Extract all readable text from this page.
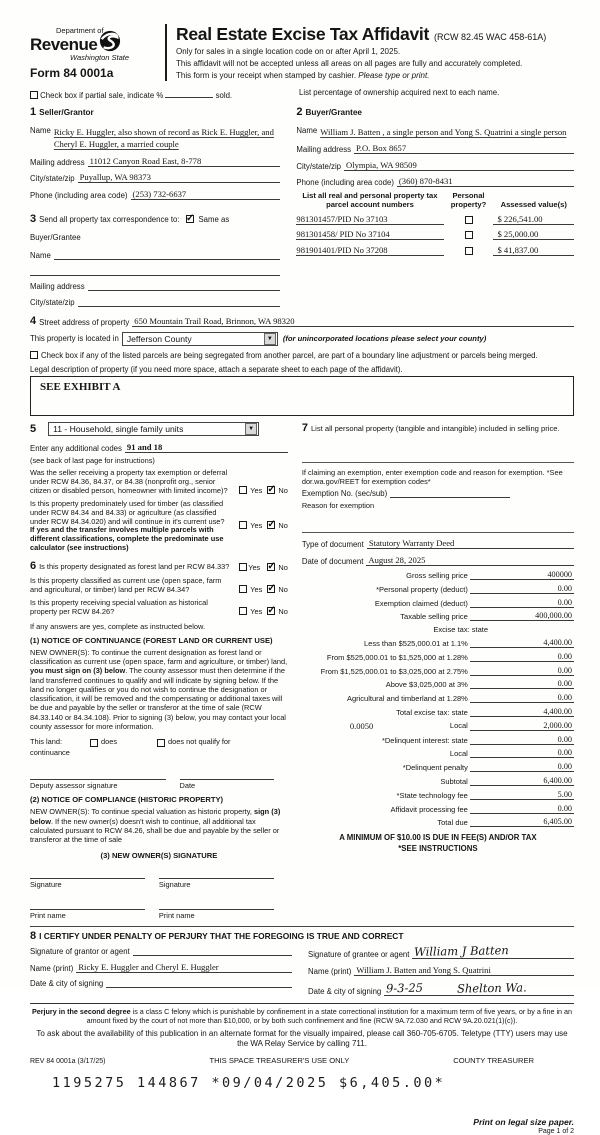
Department of
Revenue
Washington State
Form 84 0001a
Real Estate Excise Tax Affidavit (RCW 82.45 WAC 458-61A)
Only for sales in a single location code on or after April 1, 2025.
This affidavit will not be accepted unless all areas on all pages are fully and accurately completed.
This form is your receipt when stamped by cashier. Please type or print.
Check box if partial sale, indicate %	sold.	List percentage of ownership acquired next to each name.
1 Seller/Grantor
Name Ricky E. Huggler, also shown of record as Rick E. Huggler, and Cheryl E. Huggler, a married couple
Mailing address 11012 Canyon Road East, 8-778
City/state/zip Puyallup, WA 98373
Phone (including area code) (253) 732-6637
3 Send all property tax correspondence to: ✓ Same as Buyer/Grantee
Name
Mailing address
City/state/zip
2 Buyer/Grantee
Name William J. Batten , a single person and Yong S. Quatrini a single person
Mailing address P.O. Box 8657
City/state/zip Olympia, WA 98509
Phone (including area code) (360) 870-8431
List all real and personal property tax parcel account numbers
Personal property?	Assessed value(s)
981301457/PID No 37103	$ 226,541.00
981301458/ PID No 37104	$ 25,000.00
981901401/PID No 37208	$ 41,837.00
4 Street address of property 650 Mountain Trail Road, Brinnon, WA 98320
This property is located in Jefferson County	▼	(for unincorporated locations please select your county)
Check box if any of the listed parcels are being segregated from another parcel, are part of a boundary line adjustment or parcels being merged.
Legal description of property (if you need more space, attach a separate sheet to each page of the affidavit).
SEE EXHIBIT A
5	11 - Household, single family units	▼
Enter any additional codes 91 and 18
(see back of last page for instructions)
Was the seller receiving a property tax exemption or deferral under RCW 84.36, 84.37, or 84.38 (nonprofit org., senior citizen or disabled person, homeowner with limited income)?	Yes ✓ No
Is this property predominately used for timber (as classified under RCW 84.34 and 84.33) or agriculture (as classified under RCW 84.34.020) and will continue in it's current use? If yes and the transfer involves multiple parcels with different classifications, complete the predominate use calculator (see instructions)
Yes ✓ No
6 Is this property designated as forest land per RCW 84.33?	Yes ✓ No
Is this property classified as current use (open space, farm and agricultural, or timber) land per RCW 84.34?	Yes ✓ No
Is this property receiving special valuation as historical property per RCW 84.26?	Yes ✓ No
If any answers are yes, complete as instructed below.
(1) NOTICE OF CONTINUANCE (FOREST LAND OR CURRENT USE)
NEW OWNER(S): To continue the current designation as forest land or classification as current use (open space, farm and agriculture, or timber) land, you must sign on (3) below. The county assessor must then determine if the land transferred continues to qualify and will indicate by signing below. If the land no longer qualifies or you do not wish to continue the designation or classification, it will be removed and the compensating or additional taxes will be due and payable by the seller or transferor at the time of sale (RCW 84.33.140 or 84.34.108). Prior to signing (3) below, you may contact your local county assessor for more information.
This land:	does	does not qualify for
continuance
Deputy assessor signature	Date
(2) NOTICE OF COMPLIANCE (HISTORIC PROPERTY)
NEW OWNER(S): To continue special valuation as historic property, sign (3) below. If the new owner(s) doesn't wish to continue, all additional tax calculated pursuant to RCW 84.26, shall be due and payable by the seller or transferor at the time of sale
(3) NEW OWNER(S) SIGNATURE
Signature	Signature
Print name	Print name
7 List all personal property (tangible and intangible) included in selling price.
If claiming an exemption, enter exemption code and reason for exemption. *See dor.wa.gov/REET for exemption codes*
Exemption No. (sec/sub)
Reason for exemption
Type of document Statutory Warranty Deed
Date of document August 28, 2025
Gross selling price	400000
*Personal property (deduct)	0.00
Exemption claimed (deduct)	0.00
Taxable selling price	400,000.00
Excise tax: state
Less than $525,000.01 at 1.1%	4,400.00
From $525,000.01 to $1,525,000 at 1.28%	0.00
From $1,525,000.01 to $3,025,000 at 2.75%	0.00
Above $3,025,000 at 3%	0.00
Agricultural and timberland at 1.28%	0.00
Total excise tax: state	4,400.00
0.0050	Local	2,000.00
*Delinquent interest: state	0.00
Local	0.00
*Delinquent penalty	0.00
Subtotal	6,400.00
*State technology fee	5.00
Affidavit processing fee	0.00
Total due	6,405.00
A MINIMUM OF $10.00 IS DUE IN FEE(S) AND/OR TAX
*SEE INSTRUCTIONS
8 I CERTIFY UNDER PENALTY OF PERJURY THAT THE FOREGOING IS TRUE AND CORRECT
Signature of grantor or agent
Name (print) Ricky E. Huggler and Cheryl E. Huggler
Date & city of signing
Signature of grantee or agent William J Batten
Name (print) William J. Batten and Yong S. Quatrini
Date & city of signing 9-3-25	Shelton Wa.

Perjury in the second degree is a class C felony which is punishable by confinement in a state correctional institution for a maximum term of five years, or by a fine in an amount fixed by the court of not more than $10,000, or by both such confinement and fine (RCW 9A.72.030 and RCW 9A.20.021(1)(c)).

To ask about the availability of this publication in an alternate format for the visually impaired, please call 360-705-6705. Teletype (TTY) users may use the WA Relay Service by calling 711.

REV 84 0001a (3/17/25)	THIS SPACE TREASURER'S USE ONLY	COUNTY TREASURER
1195275 144867 *09/04/2025 $6,405.00*
Print on legal size paper.
Page 1 of 2
